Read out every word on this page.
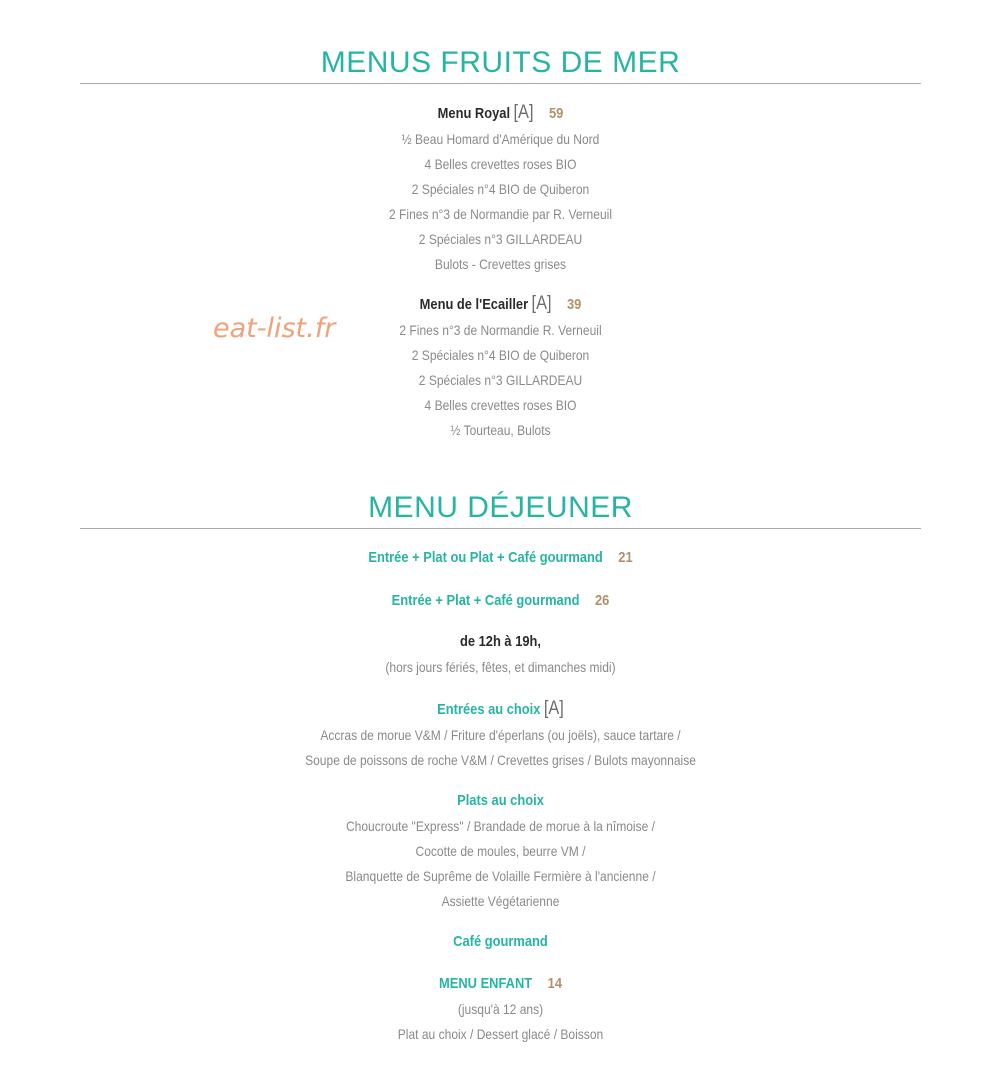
MENUS FRUITS DE MER
Menu Royal [A] 59
½ Beau Homard d'Amérique du Nord
4 Belles crevettes roses BIO
2 Spéciales n°4 BIO de Quiberon
2 Fines n°3 de Normandie par R. Verneuil
2 Spéciales n°3 GILLARDEAU
Bulots - Crevettes grises
Menu de l'Ecailler [A] 39
2 Fines n°3 de Normandie R. Verneuil
2 Spéciales n°4 BIO de Quiberon
2 Spéciales n°3 GILLARDEAU
4 Belles crevettes roses BIO
½ Tourteau, Bulots
eat-list.fr
MENU DÉJEUNER
Entrée + Plat ou Plat + Café gourmand 21
Entrée + Plat + Café gourmand 26
de 12h à 19h,
(hors jours fériés, fêtes, et dimanches midi)
Entrées au choix [A]
Accras de morue V&M / Friture d'éperlans (ou joëls), sauce tartare /
Soupe de poissons de roche V&M / Crevettes grises / Bulots mayonnaise
Plats au choix
Choucroute "Express" / Brandade de morue à la nîmoise /
Cocotte de moules, beurre VM /
Blanquette de Suprême de Volaille Fermière à l'ancienne /
Assiette Végétarienne
Café gourmand
MENU ENFANT 14
(jusqu'à 12 ans)
Plat au choix / Dessert glacé / Boisson
